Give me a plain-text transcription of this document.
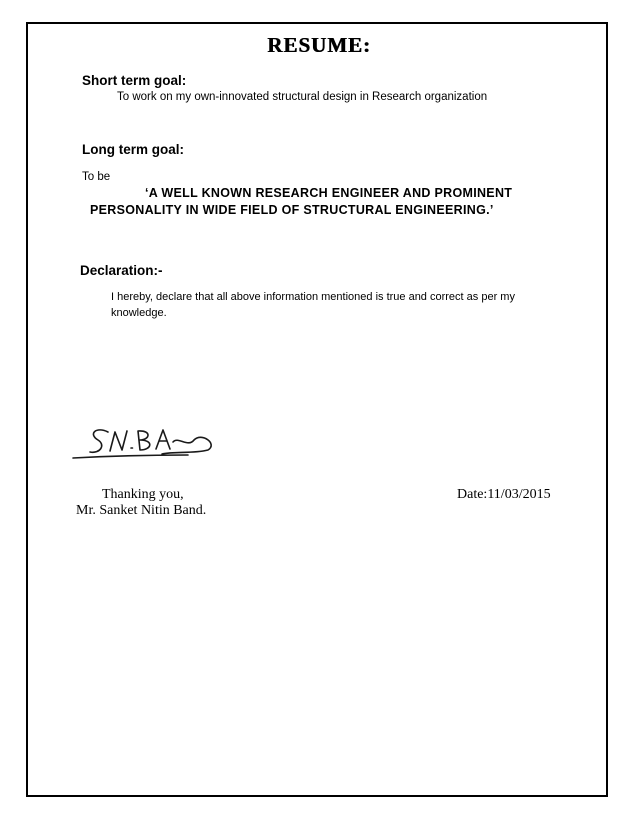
RESUME:
Short term goal:
To work on my own-innovated structural design in Research organization
Long term goal:
To be
‘A WELL KNOWN RESEARCH ENGINEER AND PROMINENT
PERSONALITY IN WIDE FIELD OF STRUCTURAL ENGINEERING.’
Declaration:-
I hereby, declare that all above information mentioned is true and correct as per my knowledge.
Thanking you,
Mr. Sanket Nitin Band.
Date:11/03/2015
